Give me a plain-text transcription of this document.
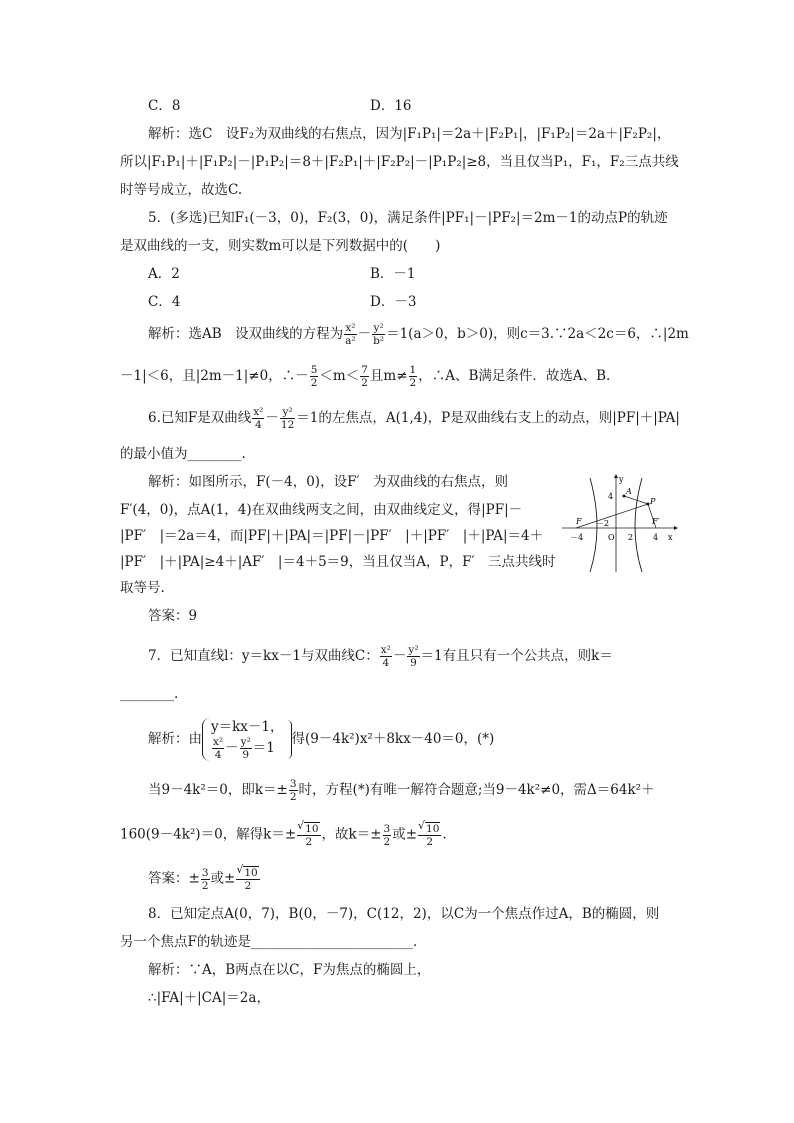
C．8	D．16
解析：选C　设F₂为双曲线的右焦点，因为|F₁P₁|＝2a＋|F₂P₁|，|F₁P₂|＝2a＋|F₂P₂|，
所以|F₁P₁|＋|F₁P₂|－|P₁P₂|＝8＋|F₂P₁|＋|F₂P₂|－|P₁P₂|≥8，当且仅当P₁，F₁，F₂三点共线
时等号成立，故选C.
5．(多选)已知F₁(－3，0)，F₂(3，0)，满足条件|PF₁|－|PF₂|＝2m－1的动点P的轨迹
是双曲线的一支，则实数m可以是下列数据中的(　　)
A．2	B．－1
C．4	D．－3
解析：选AB　设双曲线的方程为 $\frac{\text{x²}}{\text{a²}} - \frac{\text{y²}}{\text{b²}} =1(a>0$，b＞0)，则c＝3.∵2a＜2c＝6，∴|2m
－1|＜6，且|2m－1|≠0，∴－ $\frac{5}{2} <m< \frac{7}{2}$ 且$m\ne \frac{1}{2}$ ，∴A、B满足条件．故选A、B.
6.已知F是双曲线 $\frac{\text{x²}}{4} - \frac{\text{y²}}{12} =1$的左焦点，A(1,4)，P是双曲线右支上的动点，则|PF|＋|PA|
的最小值为________.
解析：如图所示，F(－4，0)，设F′　为双曲线的右焦点，则
F′(4，0)，点A(1，4)在双曲线两支之间，由双曲线定义，得|PF|－
|PF′　|＝2a＝4，而|PF|＋|PA|＝|PF|－|PF′　|＋|PF′　|＋|PA|＝4＋
|PF′　|＋|PA|≥4＋|AF′　|＝4＋5＝9，当且仅当A，P，F′　三点共线时
取等号.
答案：9
y
x
O
4
－4
－2
2 4
A
P
F	F′
7．已知直线l：y＝kx－1与双曲线C： $\frac{\text{x²}}{4} - \frac{\text{y²}}{9} =1$有且只有一个公共点，则k＝
________.
解析：由
y＝kx－1，
$\frac{\text{x²}}{4} - \frac{\text{y²}}{9} =1$
得(9－4k²)x²＋8kx－40＝0，(*)
当9－4k²＝0，即$k=\pm \frac{3}{2}$ 时，方程(*)有唯一解符合题意;当9－4k²≠0，需Δ＝64k²＋
160(9－4k²)＝0，解得k＝± √ $\frac{10}{2}$ ，故$k=\pm \frac{3}{2}$ 或± √ $\frac{10}{2}$ .
答案：± $\frac{3}{2}$ 或± √ $\frac{10}{2}$
8．已知定点A(0，7)，B(0，－7)，C(12，2)，以C为一个焦点作过A，B的椭圆，则
另一个焦点F的轨迹是________________________.
解析：∵A，B两点在以C，F为焦点的椭圆上，
∴|FA|＋|CA|＝2a，
